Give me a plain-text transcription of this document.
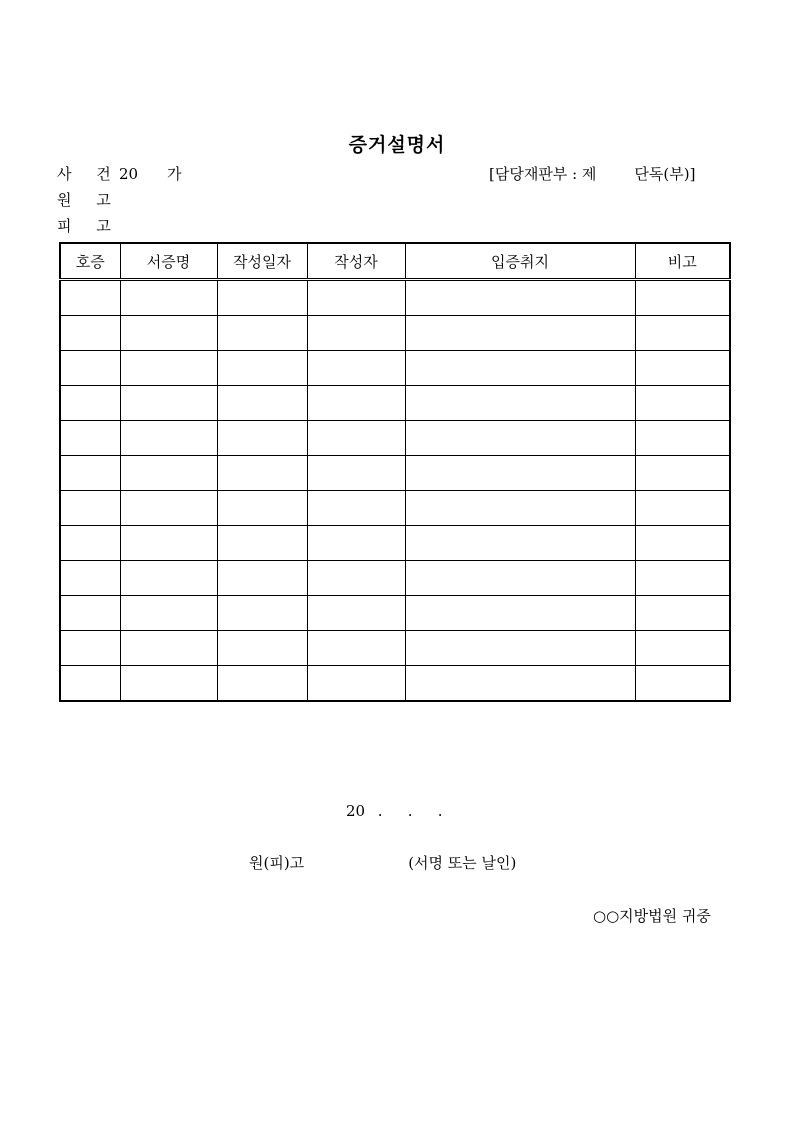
증거설명서
사 건20 가	[담당재판부 : 제	단독(부)]
원 고
피 고
호증	서증명	작성일자	작성자	입증취지	비고

20 . . .
원(피)고	(서명 또는 날인)
○○지방법원 귀중
